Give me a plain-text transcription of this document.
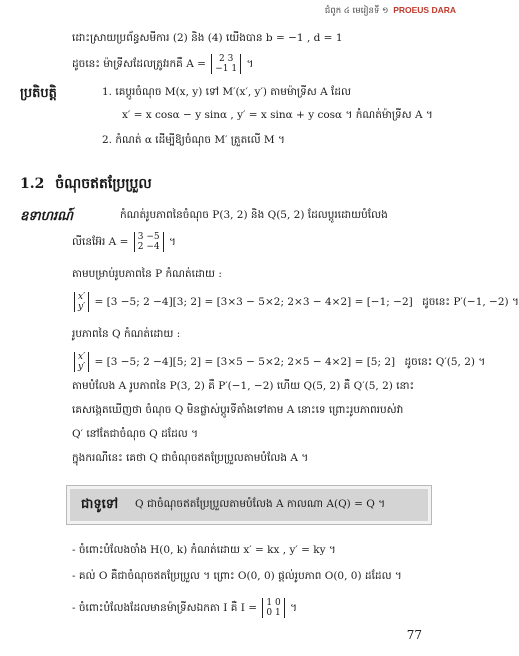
ជំពូក ៤ មេរៀនទី ១ PROEUS DARA
ដោះស្រាយប្រព័ន្ធសមីការ (2) និង (4) យើងបាន b = −1 , d = 1
ដូចនេះ ម៉ាទ្រីសដែលត្រូវរកគឺ A =	2 3
−1 1 ។
ប្រតិបត្តិ	1. គេប្តូរចំណុច M(x, y) ទៅ M′(x′, y′) តាមម៉ាទ្រីស A ដែល
x′ = x cosα − y sinα , y′ = x sinα + y cosα ។ កំណត់ម៉ាទ្រីស A ។
2. កំណត់ α ដើម្បីឱ្យចំណុច M′ ត្រួតលើ M ។
1.2 ចំណុចឥតប្រែប្រួល
ឧទាហរណ៍	កំណត់រូបភាពនៃចំណុច P(3, 2) និង Q(5, 2) ដែលប្តូរដោយបំលែង
លីនេអ៊ែរ A = 3 −5
2 −4 ។
តាមបម្រាប់រូបភាពនៃ P កំណត់ដោយ :
x′
y′ = [3 −5; 2 −4][3; 2] = [3×3 − 5×2; 2×3 − 4×2] = [−1; −2] ដូចនេះ P′(−1, −2) ។
រូបភាពនៃ Q កំណត់ដោយ :
x′
y′ = [3 −5; 2 −4][5; 2] = [3×5 − 5×2; 2×5 − 4×2] = [5; 2] ដូចនេះ Q′(5, 2) ។
តាមបំលែង A រូបភាពនៃ P(3, 2) គឺ P′(−1, −2) ហើយ Q(5, 2) គឺ Q′(5, 2) នោះ
គេសង្កេតឃើញថា ចំណុច Q មិនផ្លាស់ប្តូរទីតាំងទៅតាម A នោះទេ ព្រោះរូបភាពរបស់វា
Q′ នៅតែជាចំណុច Q ដដែល ។
ក្នុងករណីនេះ គេថា Q ជាចំណុចឥតប្រែប្រួលតាមបំលែង A ។
ជាទូទៅ Q ជាចំណុចឥតប្រែប្រួលតាមបំលែង A កាលណា A(Q) = Q ។
- ចំពោះបំលែងចាំង H(0, k) កំណត់ដោយ x′ = kx , y′ = ky ។
- គល់ O គឺជាចំណុចឥតប្រែប្រួល ។ ព្រោះ O(0, 0) ផ្តល់រូបភាព O(0, 0) ដដែល ។
- ចំពោះបំលែងដែលមានម៉ាទ្រីសឯកតា I គឺ I = 1 0
0 1 ។
77
